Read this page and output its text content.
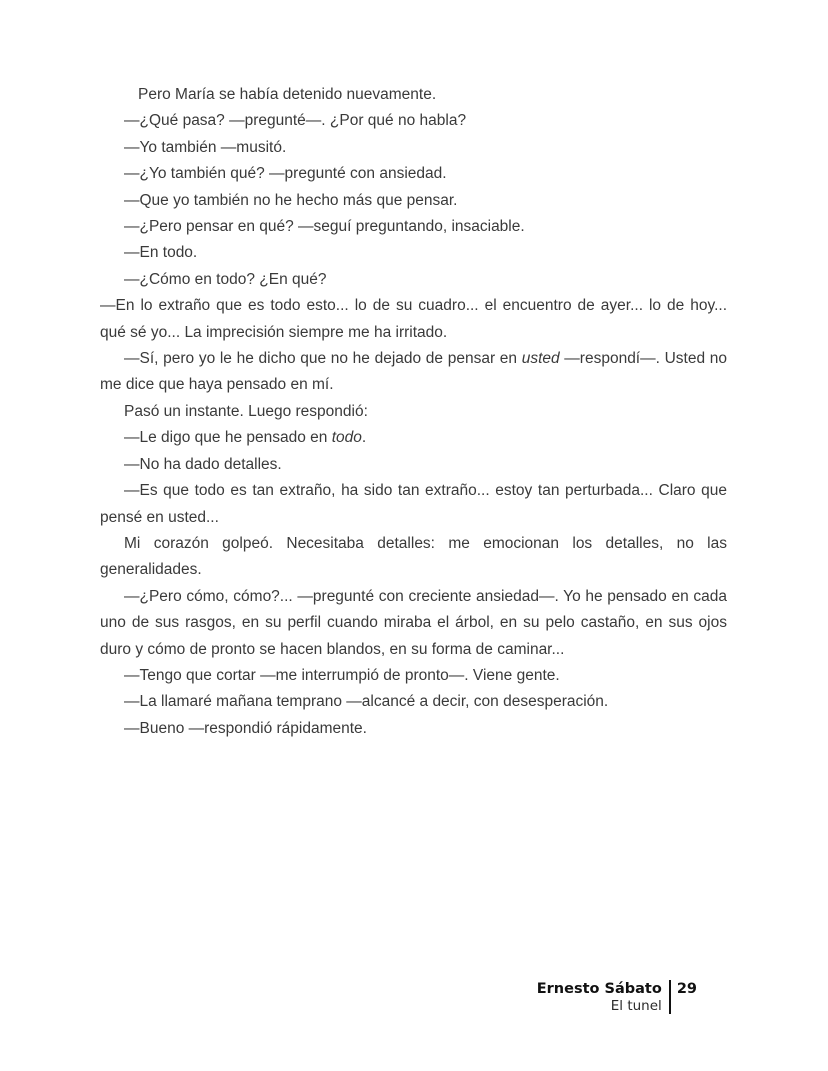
Pero María se había detenido nuevamente.

—¿Qué pasa? —pregunté—. ¿Por qué no habla?

—Yo también —musitó.

—¿Yo también qué? —pregunté con ansiedad.

—Que yo también no he hecho más que pensar.

—¿Pero pensar en qué? —seguí preguntando, insaciable.

—En todo.

—¿Cómo en todo? ¿En qué?

—En lo extraño que es todo esto... lo de su cuadro... el encuentro de ayer... lo de hoy... qué sé yo... La imprecisión siempre me ha irritado.

—Sí, pero yo le he dicho que no he dejado de pensar en usted —respondí—. Usted no me dice que haya pensado en mí.

Pasó un instante. Luego respondió:

—Le digo que he pensado en todo.

—No ha dado detalles.

—Es que todo es tan extraño, ha sido tan extraño... estoy tan perturbada... Claro que pensé en usted...

Mi corazón golpeó. Necesitaba detalles: me emocionan los detalles, no las generalidades.

—¿Pero cómo, cómo?... —pregunté con creciente ansiedad—. Yo he pensado en cada uno de sus rasgos, en su perfil cuando miraba el árbol, en su pelo castaño, en sus ojos duro y cómo de pronto se hacen blandos, en su forma de caminar...

—Tengo que cortar —me interrumpió de pronto—. Viene gente.

—La llamaré mañana temprano —alcancé a decir, con desesperación.

—Bueno —respondió rápidamente.

Ernesto Sábato
El tunel
29
